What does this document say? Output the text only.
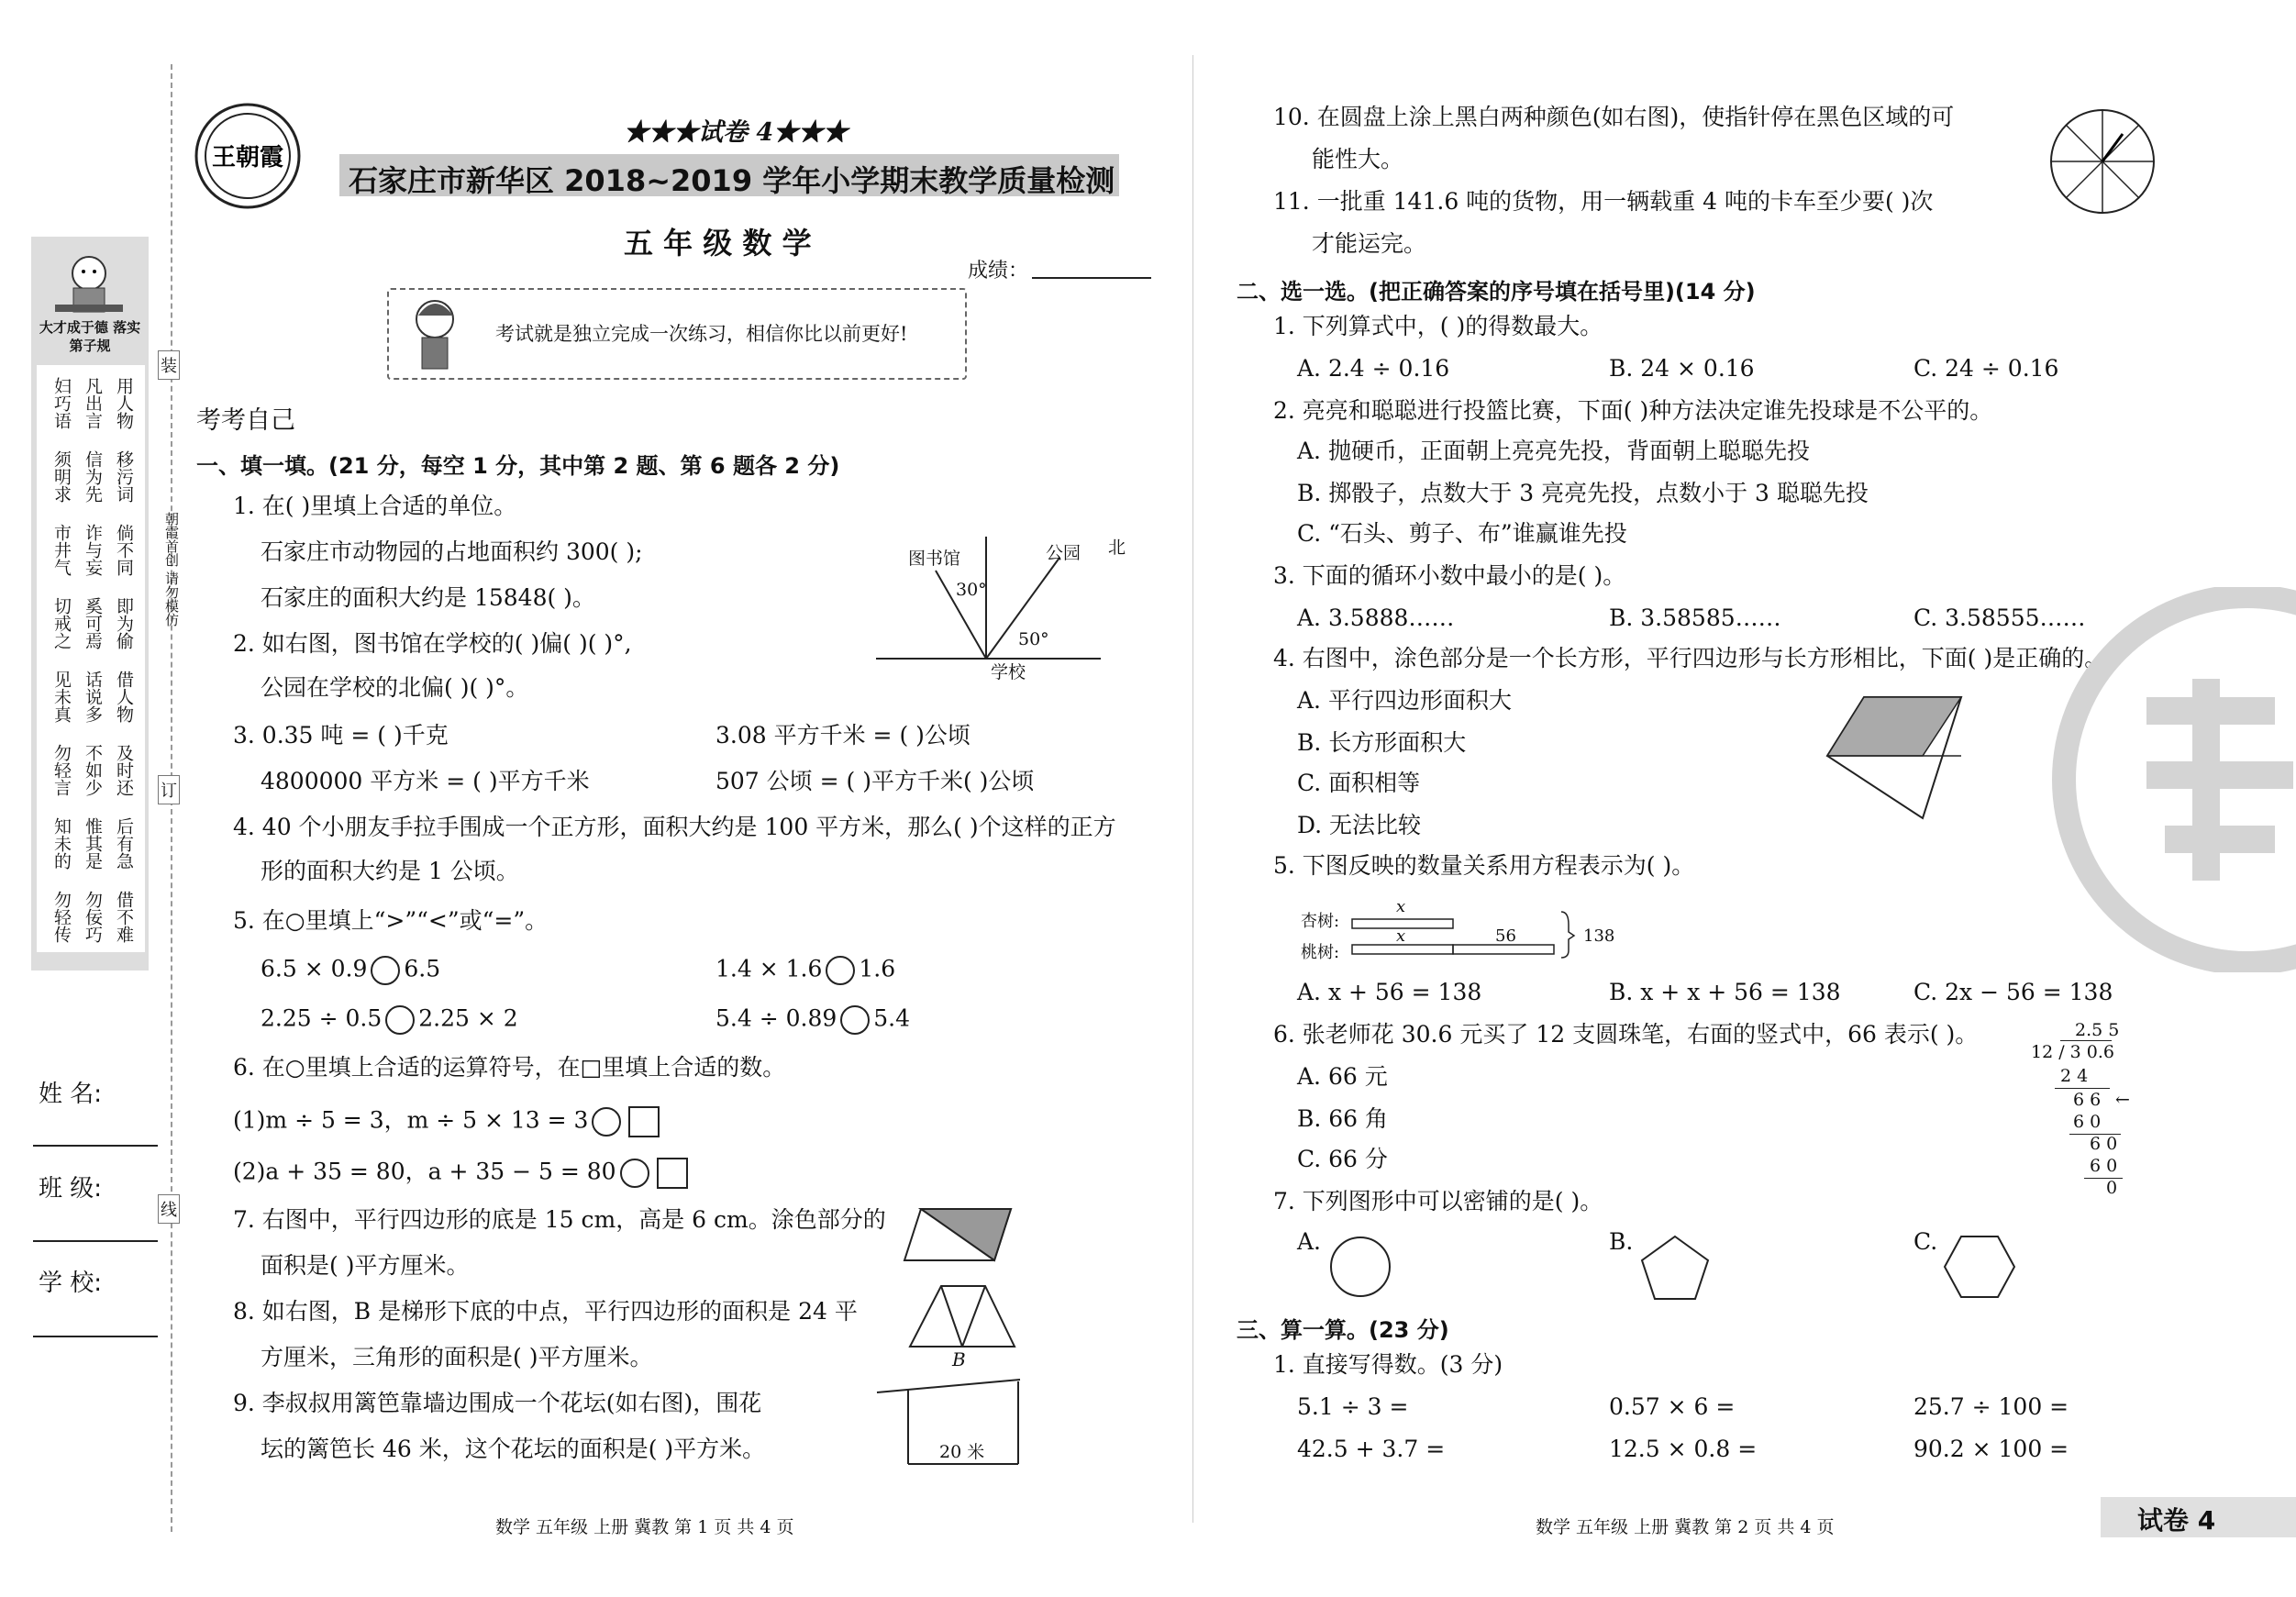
大才成于德 落实第子规
妇巧语 凡出言 用人物
须明求 信为先 移污词
市井气 诈与妄 倘不同
切戒之 奚可焉 即为偷
见未真 话说多 借人物
勿轻言 不如少 及时还
知未的 惟其是 后有急
勿轻传 勿佞巧 借不难
装
订
线
朝霞首创 请勿模仿
姓 名:
班 级:
学 校:
王朝霞
★★★试卷 4★★★
石家庄市新华区 2018~2019 学年小学期末教学质量检测
五 年 级 数 学
成绩：
考试就是独立完成一次练习，相信你比以前更好!
考考自己
一、填一填。(21 分，每空 1 分，其中第 2 题、第 6 题各 2 分)
1. 在( )里填上合适的单位。
石家庄市动物园的占地面积约 300( );
石家庄的面积大约是 15848( )。
2. 如右图，图书馆在学校的( )偏( )( )°,
公园在学校的北偏( )( )°。
3. 0.35 吨 = ( )千克	3.08 平方千米 = ( )公顷
4800000 平方米 = ( )平方千米	507 公顷 = ( )平方千米( )公顷
4. 40 个小朋友手拉手围成一个正方形，面积大约是 100 平方米，那么( )个这样的正方
形的面积大约是 1 公顷。
5. 在○里填上“>”“<”或“=”。
6.5 × 0.9 6.5	1.4 × 1.6 1.6
2.25 ÷ 0.5 2.25 × 2	5.4 ÷ 0.89 5.4
6. 在○里填上合适的运算符号，在□里填上合适的数。
(1)m ÷ 5 = 3，m ÷ 5 × 13 = 3
(2)a + 35 = 80，a + 35 − 5 = 80
7. 右图中，平行四边形的底是 15 cm，高是 6 cm。涂色部分的
面积是( )平方厘米。
8. 如右图，B 是梯形下底的中点，平行四边形的面积是 24 平
方厘米，三角形的面积是( )平方厘米。
9. 李叔叔用篱笆靠墙边围成一个花坛(如右图)，围花
坛的篱笆长 46 米，这个花坛的面积是( )平方米。
图书馆	公园 北
30°
50°
学校
B
20 米
数学 五年级 上册 冀教 第 1 页 共 4 页
10. 在圆盘上涂上黑白两种颜色(如右图)，使指针停在黑色区域的可
能性大。
11. 一批重 141.6 吨的货物，用一辆载重 4 吨的卡车至少要( )次
才能运完。
二、选一选。(把正确答案的序号填在括号里)(14 分)
1. 下列算式中，( )的得数最大。
A. 2.4 ÷ 0.16	B. 24 × 0.16	C. 24 ÷ 0.16
2. 亮亮和聪聪进行投篮比赛，下面( )种方法决定谁先投球是不公平的。
A. 抛硬币，正面朝上亮亮先投，背面朝上聪聪先投
B. 掷骰子，点数大于 3 亮亮先投，点数小于 3 聪聪先投
C. “石头、剪子、布”谁赢谁先投
3. 下面的循环小数中最小的是( )。
A. 3.5888……	B. 3.58585……	C. 3.58555……
4. 右图中，涂色部分是一个长方形，平行四边形与长方形相比，下面( )是正确的。
A. 平行四边形面积大
B. 长方形面积大
C. 面积相等
D. 无法比较
5. 下图反映的数量关系用方程表示为( )。
杏树:
桃树:
x
x	56	138
A. x + 56 = 138	B. x + x + 56 = 138	C. 2x − 56 = 138
6. 张老师花 30.6 元买了 12 支圆珠笔，右面的竖式中，66 表示( )。
A. 66 元
B. 66 角
C. 66 分
2.5 5
12 / 3 0.6
2 4
6 6 ←
6 0
6 0
6 0
0
7. 下列图形中可以密铺的是( )。
A.	B.	C.
三、算一算。(23 分)
1. 直接写得数。(3 分)
5.1 ÷ 3 =	0.57 × 6 =	25.7 ÷ 100 =
42.5 + 3.7 =	12.5 × 0.8 =	90.2 × 100 =
数学 五年级 上册 冀教 第 2 页 共 4 页	试卷 4
